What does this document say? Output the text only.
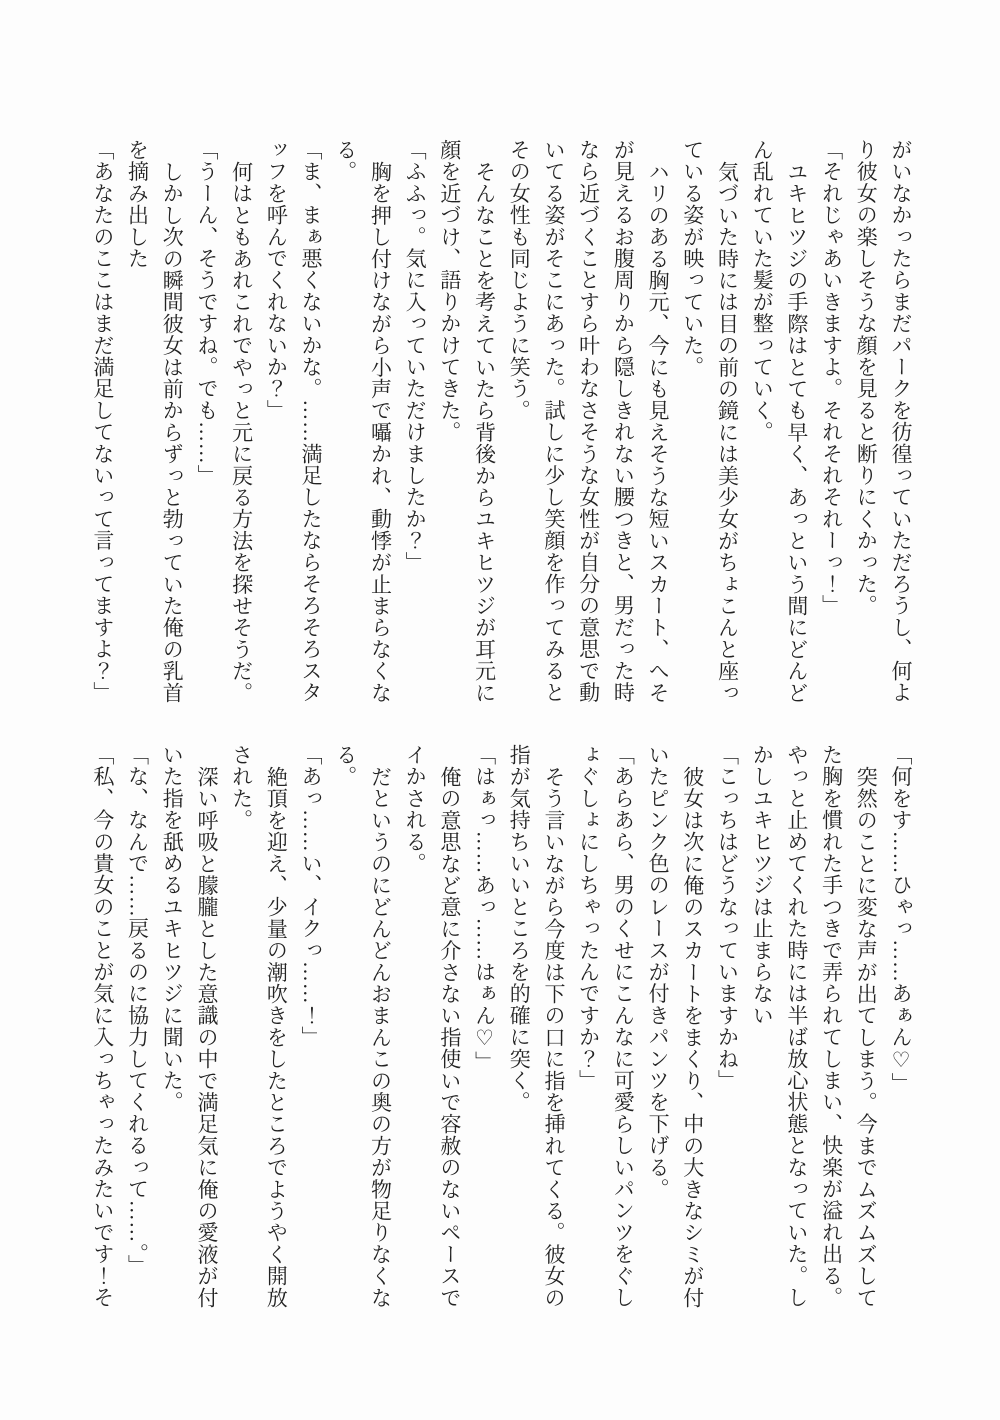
がいなかったらまだパークを彷徨っていただろうし、何より彼女の楽しそうな顔を見ると断りにくかった。

「それじゃあいきますよ。それそれそれーっ！」

ユキヒツジの手際はとても早く、あっという間にどんどん乱れていた髪が整っていく。

気づいた時には目の前の鏡には美少女がちょこんと座っている姿が映っていた。

ハリのある胸元、今にも見えそうな短いスカート、へそが見えるお腹周りから隠しきれない腰つきと、男だった時なら近づくことすら叶わなさそうな女性が自分の意思で動いてる姿がそこにあった。試しに少し笑顔を作ってみるとその女性も同じように笑う。

そんなことを考えていたら背後からユキヒツジが耳元に顔を近づけ、語りかけてきた。

「ふふっ。気に入っていただけましたか？」

胸を押し付けながら小声で囁かれ、動悸が止まらなくなる。

「ま、まぁ悪くないかな。……満足したならそろそろスタッフを呼んでくれないか？」

何はともあれこれでやっと元に戻る方法を探せそうだ。

「うーん、そうですね。でも……」

しかし次の瞬間彼女は前からずっと勃っていた俺の乳首を摘み出した

「あなたのここはまだ満足してないって言ってますよ？」

「何をす……ひゃっ……あぁん♡」

突然のことに変な声が出てしまう。今までムズムズしてた胸を慣れた手つきで弄られてしまい、快楽が溢れ出る。

やっと止めてくれた時には半ば放心状態となっていた。しかしユキヒツジは止まらない

「こっちはどうなっていますかね」

彼女は次に俺のスカートをまくり、中の大きなシミが付いたピンク色のレースが付きパンツを下げる。

「あらあら、男のくせにこんなに可愛らしいパンツをぐしょぐしょにしちゃったんですか？」

そう言いながら今度は下の口に指を挿れてくる。彼女の指が気持ちいいところを的確に突く。

「はぁっ……あっ……はぁん♡」

俺の意思など意に介さない指使いで容赦のないペースでイかされる。

だというのにどんどんおまんこの奥の方が物足りなくなる。

「あっ……い、イクっ……！」

絶頂を迎え、少量の潮吹きをしたところでようやく開放された。

深い呼吸と朦朧とした意識の中で満足気に俺の愛液が付いた指を舐めるユキヒツジに聞いた。

「な、なんで……戻るのに協力してくれるって……。」

「私、今の貴女のことが気に入っちゃったみたいです！そ
